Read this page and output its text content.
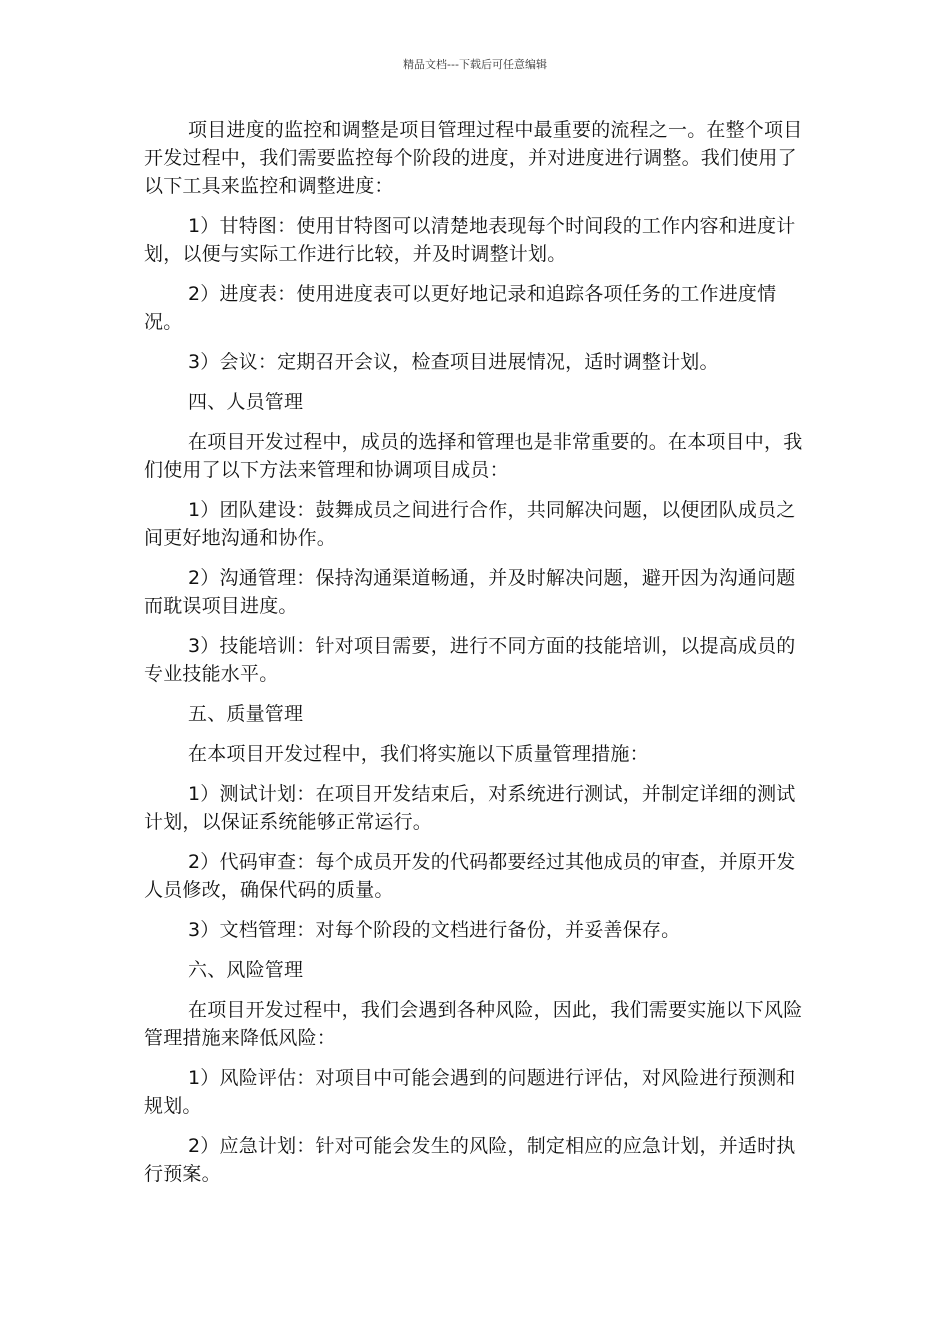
精品文档---下载后可任意编辑

项目进度的监控和调整是项目管理过程中最重要的流程之一。在整个项目开发过程中，我们需要监控每个阶段的进度，并对进度进行调整。我们使用了以下工具来监控和调整进度：

1）甘特图：使用甘特图可以清楚地表现每个时间段的工作内容和进度计划，以便与实际工作进行比较，并及时调整计划。

2）进度表：使用进度表可以更好地记录和追踪各项任务的工作进度情况。

3）会议：定期召开会议，检查项目进展情况，适时调整计划。

四、人员管理

在项目开发过程中，成员的选择和管理也是非常重要的。在本项目中，我们使用了以下方法来管理和协调项目成员：

1）团队建设：鼓舞成员之间进行合作，共同解决问题，以便团队成员之间更好地沟通和协作。

2）沟通管理：保持沟通渠道畅通，并及时解决问题，避开因为沟通问题而耽误项目进度。

3）技能培训：针对项目需要，进行不同方面的技能培训，以提高成员的专业技能水平。

五、质量管理

在本项目开发过程中，我们将实施以下质量管理措施：

1）测试计划：在项目开发结束后，对系统进行测试，并制定详细的测试计划，以保证系统能够正常运行。

2）代码审查：每个成员开发的代码都要经过其他成员的审查，并原开发人员修改，确保代码的质量。

3）文档管理：对每个阶段的文档进行备份，并妥善保存。

六、风险管理

在项目开发过程中，我们会遇到各种风险，因此，我们需要实施以下风险管理措施来降低风险：

1）风险评估：对项目中可能会遇到的问题进行评估，对风险进行预测和规划。

2）应急计划：针对可能会发生的风险，制定相应的应急计划，并适时执行预案。
